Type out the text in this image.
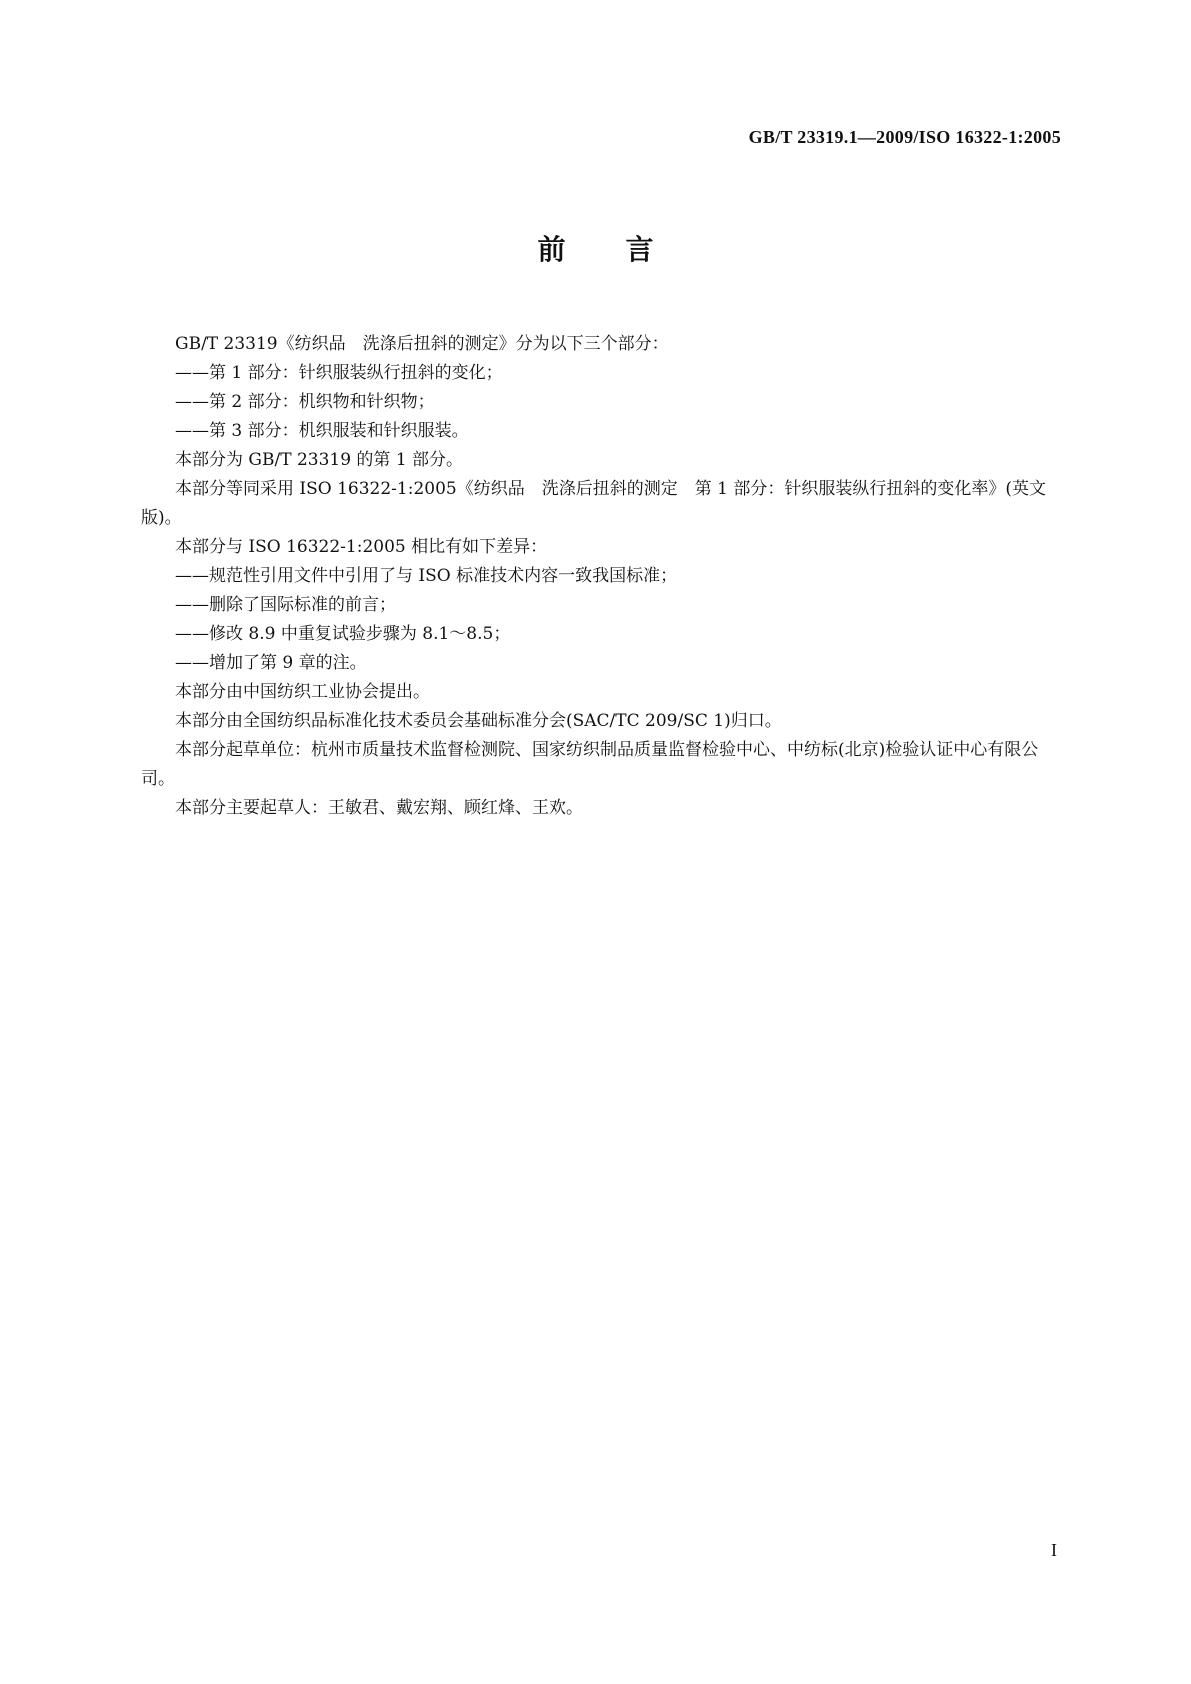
GB/T 23319.1—2009/ISO 16322-1:2005
前言

GB/T 23319《纺织品　洗涤后扭斜的测定》分为以下三个部分：

——第 1 部分：针织服装纵行扭斜的变化；

——第 2 部分：机织物和针织物；

——第 3 部分：机织服装和针织服装。

本部分为 GB/T 23319 的第 1 部分。

本部分等同采用 ISO 16322-1:2005《纺织品　洗涤后扭斜的测定　第 1 部分：针织服装纵行扭斜的变化率》(英文版)。

本部分与 ISO 16322-1:2005 相比有如下差异：

——规范性引用文件中引用了与 ISO 标准技术内容一致我国标准；

——删除了国际标准的前言；

——修改 8.9 中重复试验步骤为 8.1～8.5；

——增加了第 9 章的注。

本部分由中国纺织工业协会提出。

本部分由全国纺织品标准化技术委员会基础标准分会(SAC/TC 209/SC 1)归口。

本部分起草单位：杭州市质量技术监督检测院、国家纺织制品质量监督检验中心、中纺标(北京)检验认证中心有限公司。

本部分主要起草人：王敏君、戴宏翔、顾红烽、王欢。

I
